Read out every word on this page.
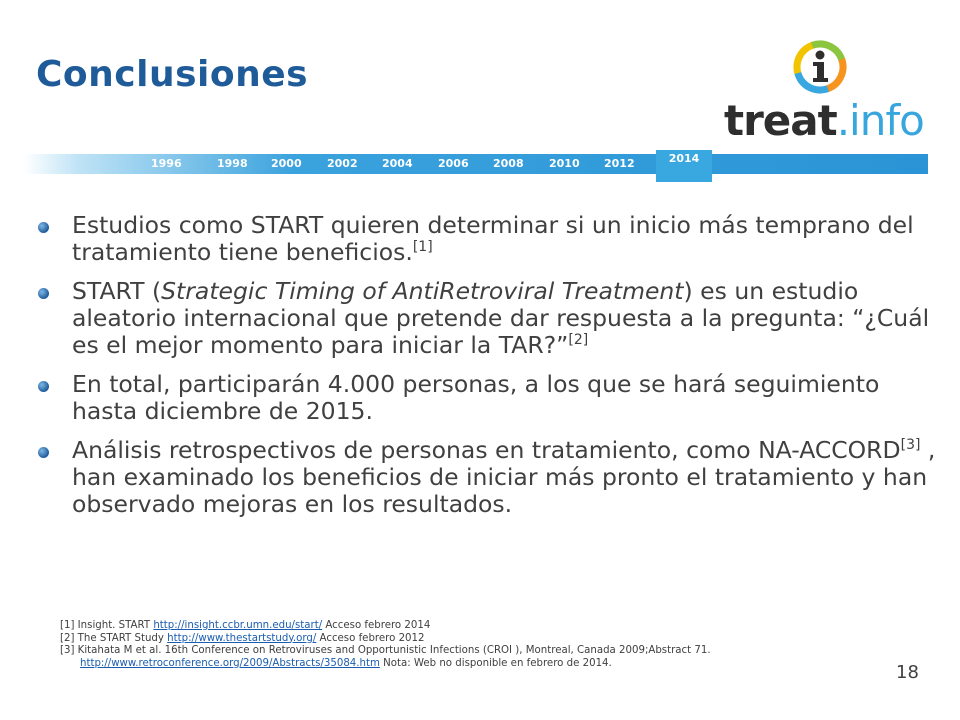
Conclusiones
treat.info
1996	1998 2000 2002 2004 2006 2008 2010 2012	2014
Estudios como START quieren determinar si un inicio más temprano del tratamiento tiene beneficios.[1]
START (Strategic Timing of AntiRetroviral Treatment) es un estudio aleatorio internacional que pretende dar respuesta a la pregunta: “¿Cuál es el mejor momento para iniciar la TAR?”[2]
En total, participarán 4.000 personas, a los que se hará seguimiento hasta diciembre de 2015.
Análisis retrospectivos de personas en tratamiento, como NA-ACCORD[3] , han examinado los beneficios de iniciar más pronto el tratamiento y han observado mejoras en los resultados.
[1] Insight. START http://insight.ccbr.umn.edu/start/ Acceso febrero 2014
[2] The START Study http://www.thestartstudy.org/ Acceso febrero 2012
[3] Kitahata M et al. 16th Conference on Retroviruses and Opportunistic Infections (CROI ), Montreal, Canada 2009;Abstract 71.
http://www.retroconference.org/2009/Abstracts/35084.htm Nota: Web no disponible en febrero de 2014.	18
